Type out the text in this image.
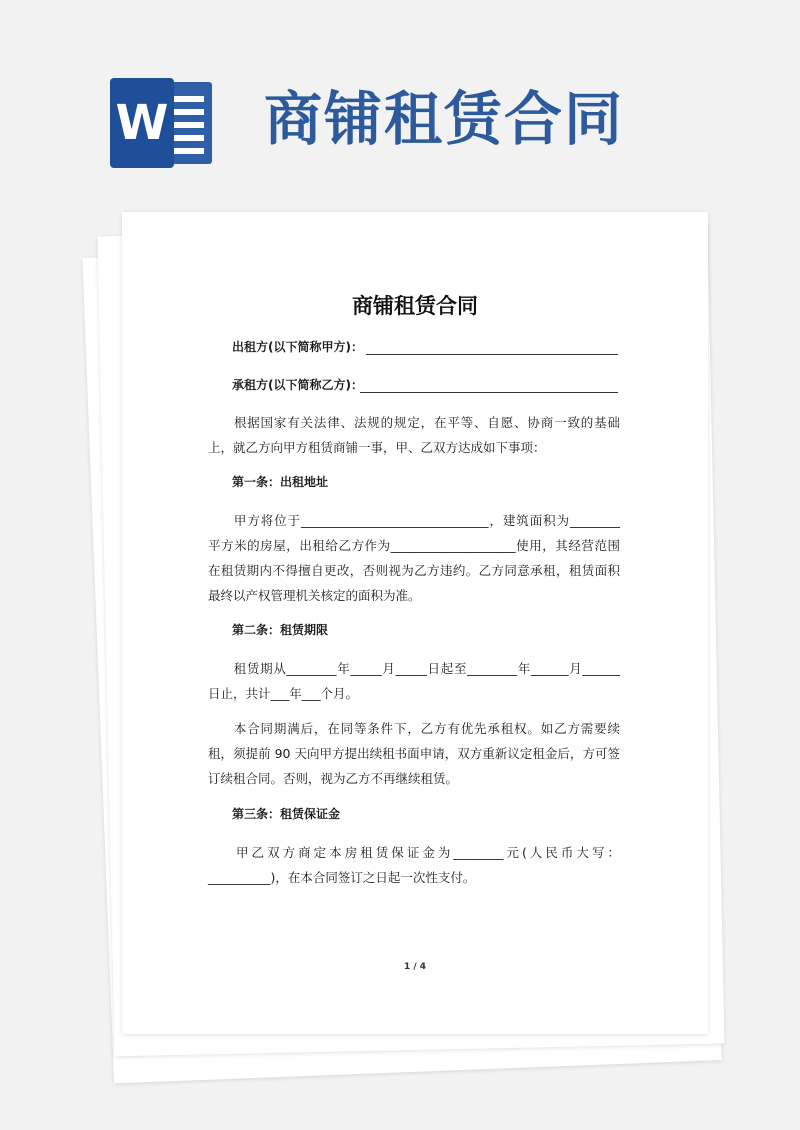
W 商铺租赁合同
商铺租赁合同
出租方(以下简称甲方)：
承租方(以下简称乙方)：
根据国家有关法律、法规的规定，在平等、自愿、协商一致的基础上，就乙方向甲方租赁商铺一事，甲、乙双方达成如下事项：
第一条：出租地址
甲方将位于______________________________，建筑面积为________平方米的房屋，出租给乙方作为____________________使用，其经营范围在租赁期内不得擅自更改，否则视为乙方违约。乙方同意承租，租赁面积最终以产权管理机关核定的面积为准。
第二条：租赁期限
租赁期从________年_____月_____日起至________年______月______日止，共计___年___个月。
本合同期满后，在同等条件下，乙方有优先承租权。如乙方需要续租，须提前 90 天向甲方提出续租书面申请，双方重新议定租金后，方可签订续租合同。否则，视为乙方不再继续租赁。
第三条：租赁保证金
甲乙双方商定本房租赁保证金为________元(人民币大写：__________)，在本合同签订之日起一次性支付。
1 / 4
